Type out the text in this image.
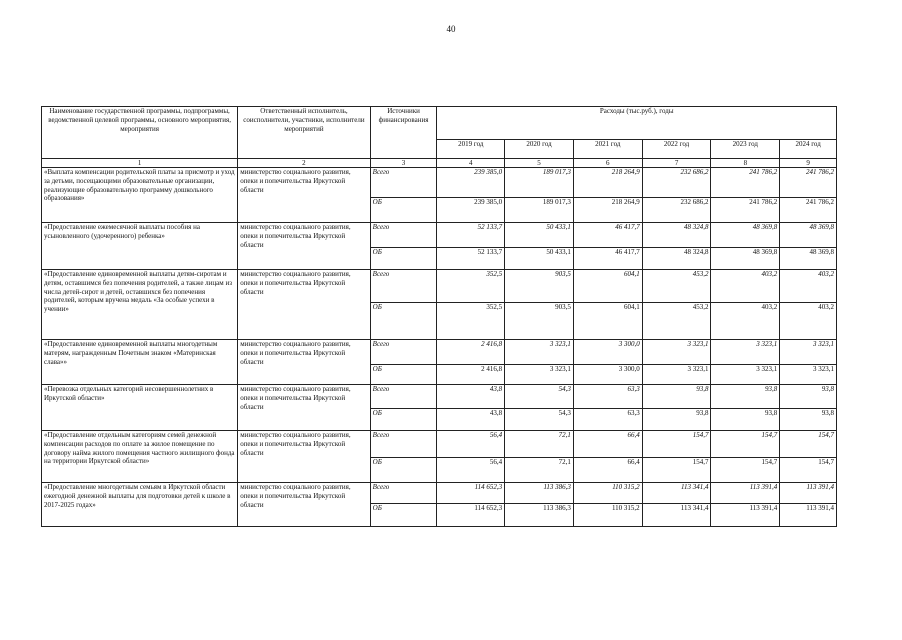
40
Наименование государственной программы, подпрограммы, ведомственной целевой программы, основного мероприятия, мероприятия	Ответственный исполнитель, соисполнители, участники, исполнители мероприятий	Источники финансирования	Расходы (тыс.руб.), годы					
			2019 год	2020 год	2021 год	2022 год	2023 год	2024 год
1	2	3	4	5	6	7	8	9
«Выплата компенсации родительской платы за присмотр и уход за детьми, посещающими образовательные организации, реализующие образовательную программу дошкольного образования»	министерство социального развития, опеки и попечительства Иркутской области	Всего	239 385,0	189 017,3	218 264,9	232 686,2	241 786,2	241 786,2
		ОБ	239 385,0	189 017,3	218 264,9	232 686,2	241 786,2	241 786,2
«Предоставление ежемесячной выплаты пособия на усыновленного (удочеренного) ребенка»	министерство социального развития, опеки и попечительства Иркутской области	Всего	52 133,7	50 433,1	46 417,7	48 324,8	48 369,8	48 369,8
		ОБ	52 133,7	50 433,1	46 417,7	48 324,8	48 369,8	48 369,8
«Предоставление единовременной выплаты детям-сиротам и детям, оставшимся без попечения родителей, а также лицам из числа детей-сирот и детей, оставшихся без попечения родителей, которым вручена медаль «За особые успехи в учении»	министерство социального развития, опеки и попечительства Иркутской области	Всего	352,5	903,5	604,1	453,2	403,2	403,2
		ОБ	352,5	903,5	604,1	453,2	403,2	403,2
«Предоставление единовременной выплаты многодетным матерям, награжденным Почетным знаком «Материнская слава»»	министерство социального развития, опеки и попечительства Иркутской области	Всего	2 416,8	3 323,1	3 300,0	3 323,1	3 323,1	3 323,1
		ОБ	2 416,8	3 323,1	3 300,0	3 323,1	3 323,1	3 323,1
«Перевозка отдельных категорий несовершеннолетних в Иркутской области»	министерство социального развития, опеки и попечительства Иркутской области	Всего	43,8	54,3	63,3	93,8	93,8	93,8
		ОБ	43,8	54,3	63,3	93,8	93,8	93,8
«Предоставление отдельным категориям семей денежной компенсации расходов по оплате за жилое помещение по договору найма жилого помещения частного жилищного фонда на территории Иркутской области»	министерство социального развития, опеки и попечительства Иркутской области	Всего	56,4	72,1	66,4	154,7	154,7	154,7
		ОБ	56,4	72,1	66,4	154,7	154,7	154,7
«Предоставление многодетным семьям в Иркутской области ежегодной денежной выплаты для подготовки детей к школе в 2017-2025 годах»	министерство социального развития, опеки и попечительства Иркутской области	Всего	114 652,3	113 386,3	110 315,2	113 341,4	113 391,4	113 391,4
		ОБ	114 652,3	113 386,3	110 315,2	113 341,4	113 391,4	113 391,4
